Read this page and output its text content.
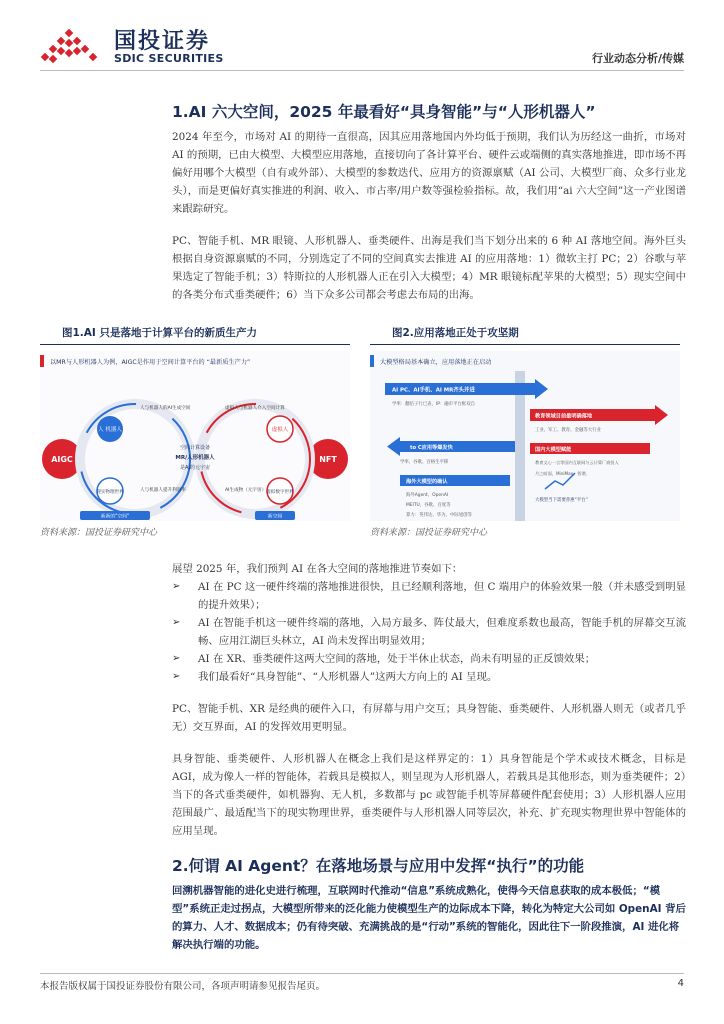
国投证券
SDIC SECURITIES	行业动态分析/传媒
1.AI 六大空间，2025 年最看好“具身智能”与“人形机器人”

2024 年至今，市场对 AI 的期待一直很高，因其应用落地国内外均低于预期，我们认为历经这一曲折，市场对 AI 的预期，已由大模型、大模型应用落地，直接切向了各计算平台、硬件云或端侧的真实落地推进，即市场不再偏好用哪个大模型（自有或外部）、大模型的参数迭代、应用方的资源禀赋（AI 公司、大模型厂商、众多行业龙头），而是更偏好真实推进的利润、收入、市占率/用户数等强检验指标。故，我们用“ai 六大空间”这一产业图谱来跟踪研究。

PC、智能手机、MR 眼镜、人形机器人、垂类硬件、出海是我们当下划分出来的 6 种 AI 落地空间。海外巨头根据自身资源禀赋的不同，分别选定了不同的空间真实去推进 AI 的应用落地：1）微软主打 PC；2）谷歌与苹果选定了智能手机；3）特斯拉的人形机器人正在引入大模型；4）MR 眼镜标配苹果的大模型；5）现实空间中的各类分布式垂类硬件；6）当下众多公司都会考虑去布局的出海。

图1.AI 只是落地于计算平台的新质生产力
以MR与人形机器人为例，AIGC是作用于空间计算平台的 “最新质生产力”
AIGC	NFT
人 机器人	虚拟人
现实物理世界	虚拟数字世界
空间计算设备
MR/人形机器人
是AI的元宇宙
人与机器人的AI生成空间	虚拟人与机器人介入空间计算
人与机器人提升利润率	AI生成物（元宇宙）
新新的"空间"	新空间
资料来源：国投证券研究中心
图2.应用落地正处于攻坚期
大模型格局基本确立，应用落地正在启动
AI PC、AI手机、AI MR齐头并进
学率：翻倍子行已表，IP：融市平台框双自
教育领域目前最明确落地
工业、军工、教育、金融等大行业
to C应用等爆发快
学率、谷歌、百格生平移
国内大模型赋能
教育文心一言等国内互联网与云计算厂商投入
月之暗面，MiniMax，智谱、
海外大模型的确认
海外Agent、OpenAI
MEITU、谷歌、百度等
算力：英伟达、华为、中际旭创等
大模型当下需要普惠“平台”
资料来源：国投证券研究中心

展望 2025 年，我们预判 AI 在各大空间的落地推进节奏如下：

➢ AI 在 PC 这一硬件终端的落地推进很快，且已经顺利落地，但 C 端用户的体验效果一般（并未感受到明显的提升效果）；
➢ AI 在智能手机这一硬件终端的落地，入局方最多、阵仗最大，但难度系数也最高，智能手机的屏幕交互流畅、应用江湖巨头林立，AI 尚未发挥出明显效用；
➢ AI 在 XR、垂类硬件这两大空间的落地，处于半休止状态，尚未有明显的正反馈效果；
➢ 我们最看好“具身智能”、“人形机器人”这两大方向上的 AI 呈现。

PC、智能手机、XR 是经典的硬件入口，有屏幕与用户交互；具身智能、垂类硬件、人形机器人则无（或者几乎无）交互界面，AI 的发挥效用更明显。

具身智能、垂类硬件、人形机器人在概念上我们是这样界定的：1）具身智能是个学术或技术概念，目标是 AGI，成为像人一样的智能体，若载具是模拟人，则呈现为人形机器人，若载具是其他形态，则为垂类硬件；2）当下的各式垂类硬件，如机器狗、无人机，多数都与 pc 或智能手机等屏幕硬件配套使用；3）人形机器人应用范围最广、最适配当下的现实物理世界，垂类硬件与人形机器人同等层次，补充、扩充现实物理世界中智能体的应用呈现。

2.何谓 AI Agent？在落地场景与应用中发挥“执行”的功能

回溯机器智能的进化史进行梳理，互联网时代推动“信息”系统成熟化，使得今天信息获取的成本极低；“模型”系统正走过拐点，大模型所带来的泛化能力使模型生产的边际成本下降，转化为特定大公司如 OpenAI 背后的算力、人才、数据成本；仍有待突破、充满挑战的是“行动”系统的智能化，因此往下一阶段推演，AI 进化将解决执行端的功能。

本报告版权属于国投证券股份有限公司，各项声明请参见报告尾页。	4
